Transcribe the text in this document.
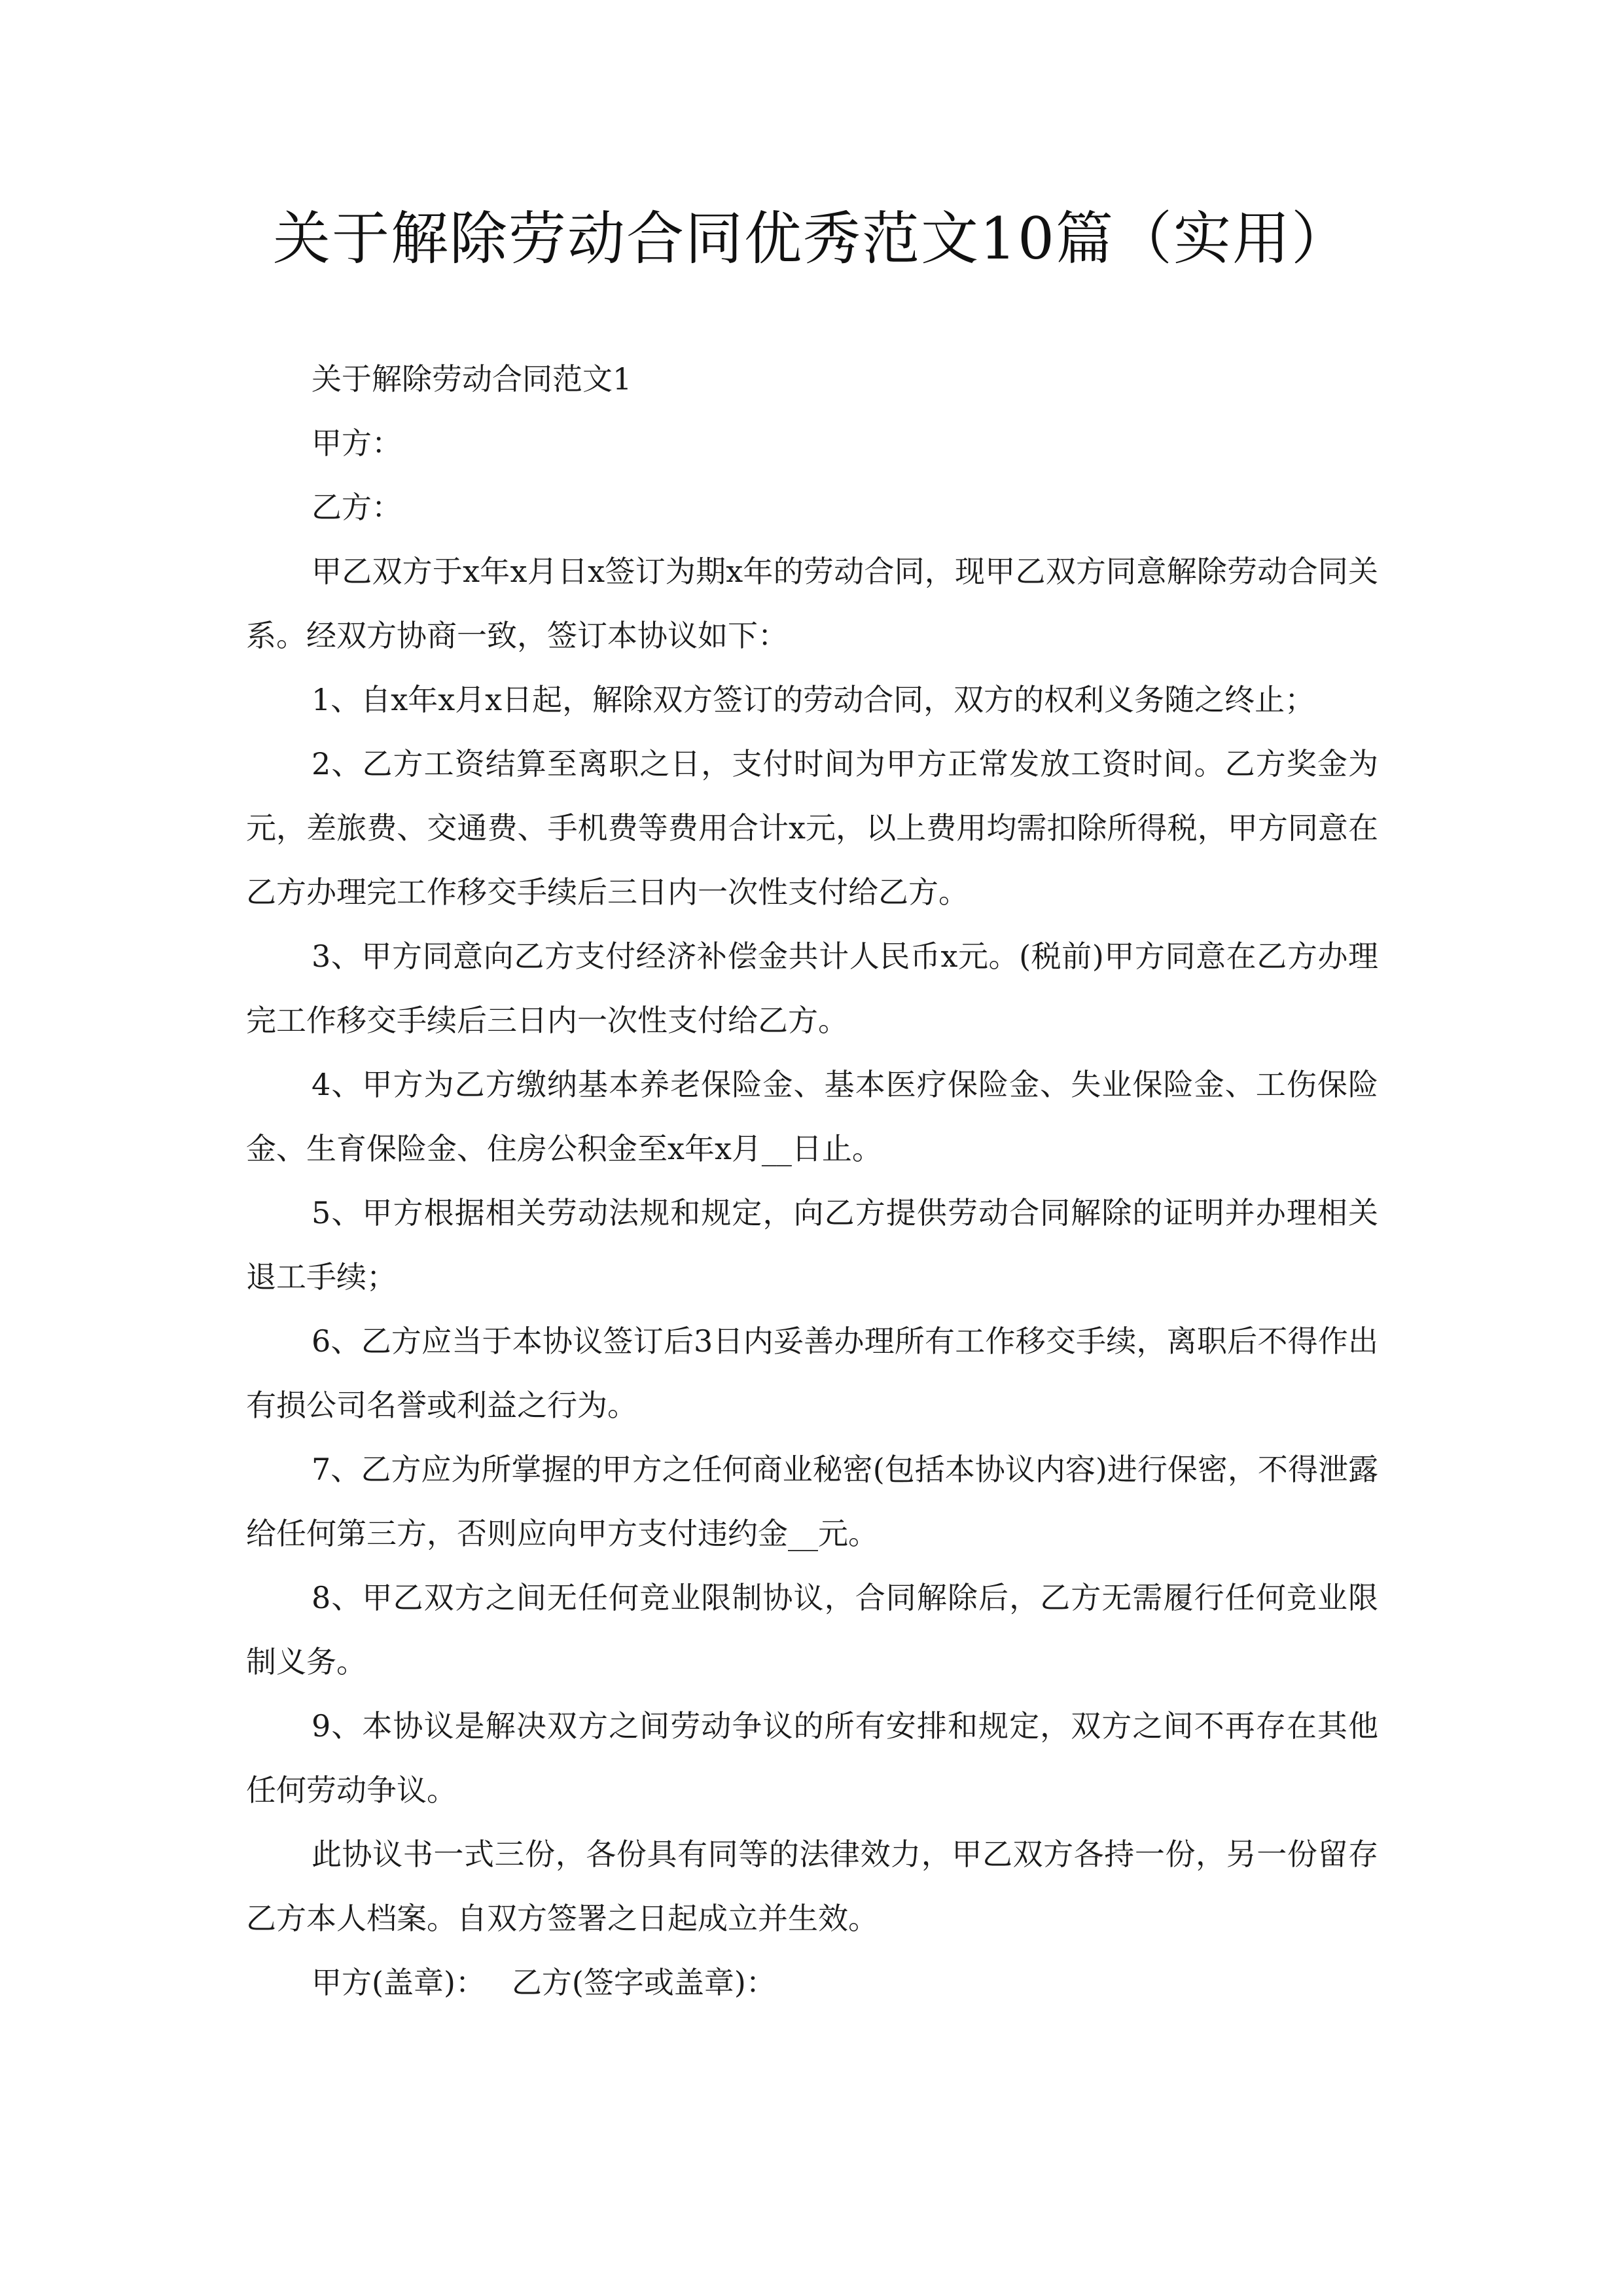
关于解除劳动合同优秀范文10篇（实用）

关于解除劳动合同范文1

甲方：

乙方：

甲乙双方于x年x月日x签订为期x年的劳动合同，现甲乙双方同意解除劳动合同关系。经双方协商一致，签订本协议如下：

1、自x年x月x日起，解除双方签订的劳动合同，双方的权利义务随之终止；

2、乙方工资结算至离职之日，支付时间为甲方正常发放工资时间。乙方奖金为元，差旅费、交通费、手机费等费用合计x元，以上费用均需扣除所得税，甲方同意在乙方办理完工作移交手续后三日内一次性支付给乙方。

3、甲方同意向乙方支付经济补偿金共计人民币x元。(税前)甲方同意在乙方办理完工作移交手续后三日内一次性支付给乙方。

4、甲方为乙方缴纳基本养老保险金、基本医疗保险金、失业保险金、工伤保险金、生育保险金、住房公积金至x年x月__日止。

5、甲方根据相关劳动法规和规定，向乙方提供劳动合同解除的证明并办理相关退工手续；

6、乙方应当于本协议签订后3日内妥善办理所有工作移交手续，离职后不得作出有损公司名誉或利益之行为。

7、乙方应为所掌握的甲方之任何商业秘密(包括本协议内容)进行保密，不得泄露给任何第三方，否则应向甲方支付违约金__元。

8、甲乙双方之间无任何竞业限制协议，合同解除后，乙方无需履行任何竞业限制义务。

9、本协议是解决双方之间劳动争议的所有安排和规定，双方之间不再存在其他任何劳动争议。

此协议书一式三份，各份具有同等的法律效力，甲乙双方各持一份，另一份留存乙方本人档案。自双方签署之日起成立并生效。

甲方(盖章)： 乙方(签字或盖章)：
